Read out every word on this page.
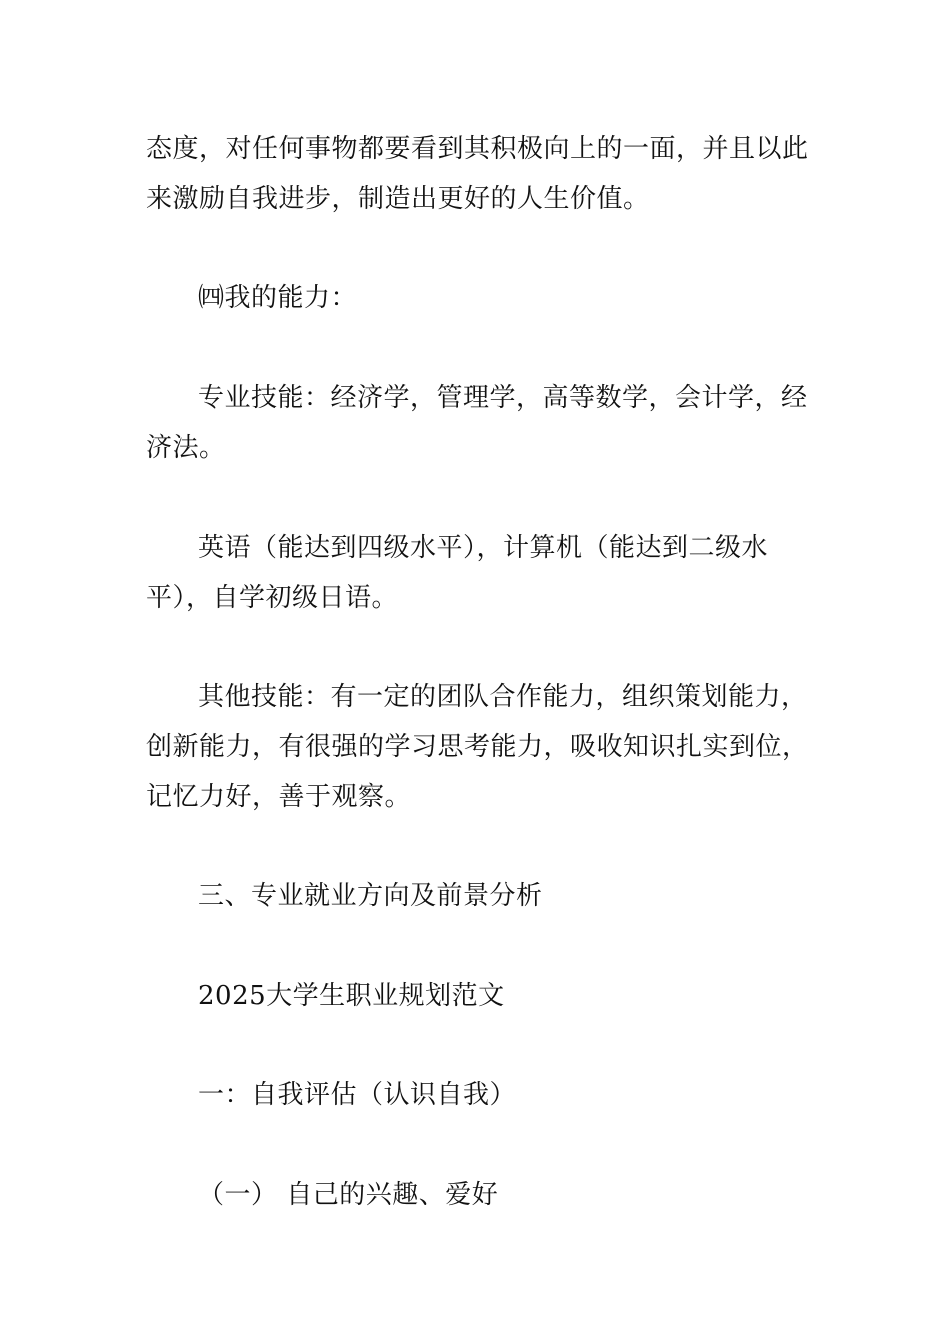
态度，对任何事物都要看到其积极向上的一面，并且以此
来激励自我进步，制造出更好的人生价值。

㈣我的能力：

专业技能：经济学，管理学，高等数学，会计学，经
济法。

英语（能达到四级水平），计算机（能达到二级水
平），自学初级日语。

其他技能：有一定的团队合作能力，组织策划能力，
创新能力，有很强的学习思考能力，吸收知识扎实到位，
记忆力好，善于观察。

三、专业就业方向及前景分析

2025大学生职业规划范文

一：自我评估（认识自我）

（一） 自己的兴趣、爱好
